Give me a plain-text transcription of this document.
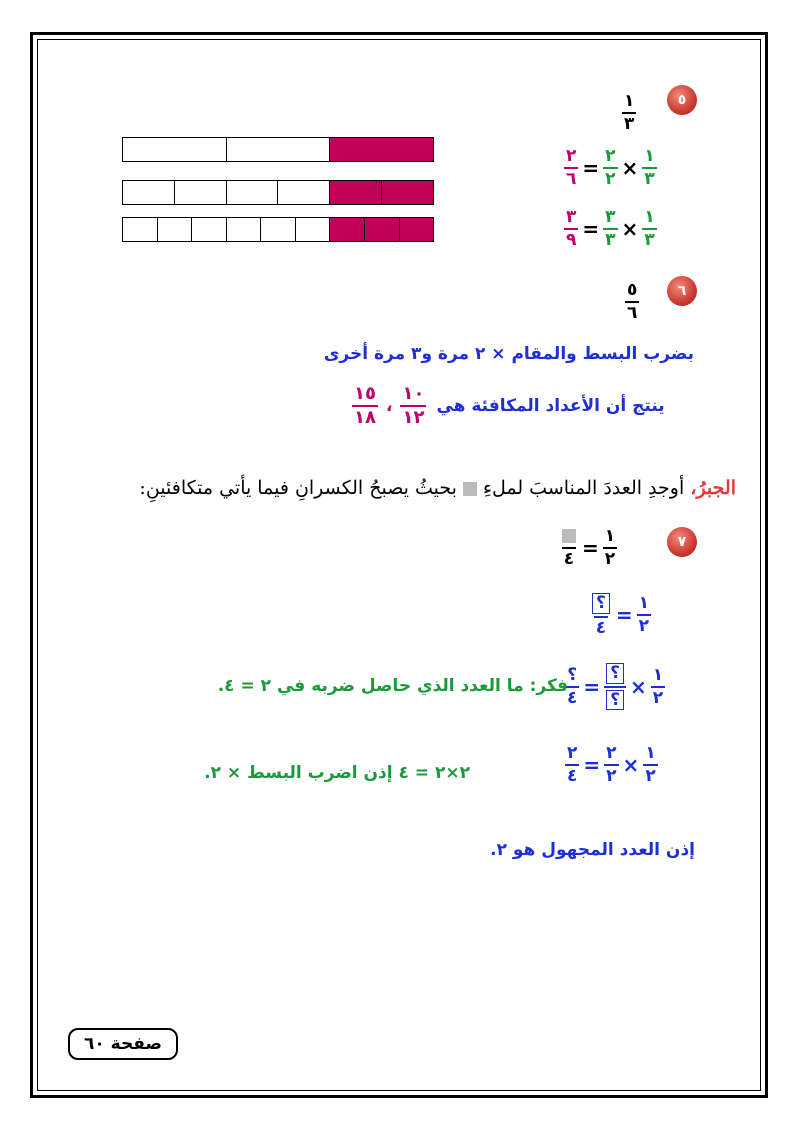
٥
$\frac{١}{٣}$
$\frac{٢}{٦} = \frac{٢}{٢} \times \frac{١}{٣}$
$\frac{٣}{٩} = \frac{٣}{٣} \times \frac{١}{٣}$
٦
$\frac{٥}{٦}$
بضرب البسط والمقام × ٢ مرة و٣ مرة أخرى
$\frac{١٥}{١٨}$ ، $\frac{١٠}{١٢}$ ينتج أن الأعداد المكافئة هي
الجبرُ، أوجدِ العددَ المناسبَ لملءِ  بحيثُ يصبحُ الكسرانِ فيما يأتي متكافئينِ:
٧
٤ = $\frac{١}{٢}$
$\frac{؟}{٤} = \frac{١}{٢}$
$\frac{؟}{٤} = \frac{؟}{؟} \times \frac{١}{٢}$
فكر: ما العدد الذي حاصل ضربه في ٢ = ٤.
$\frac{٢}{٤} = \frac{٢}{٢} \times \frac{١}{٢}$
٢×٢ = ٤ إذن اضرب البسط × ٢.
إذن العدد المجهول هو ٢.
صفحة ٦٠
